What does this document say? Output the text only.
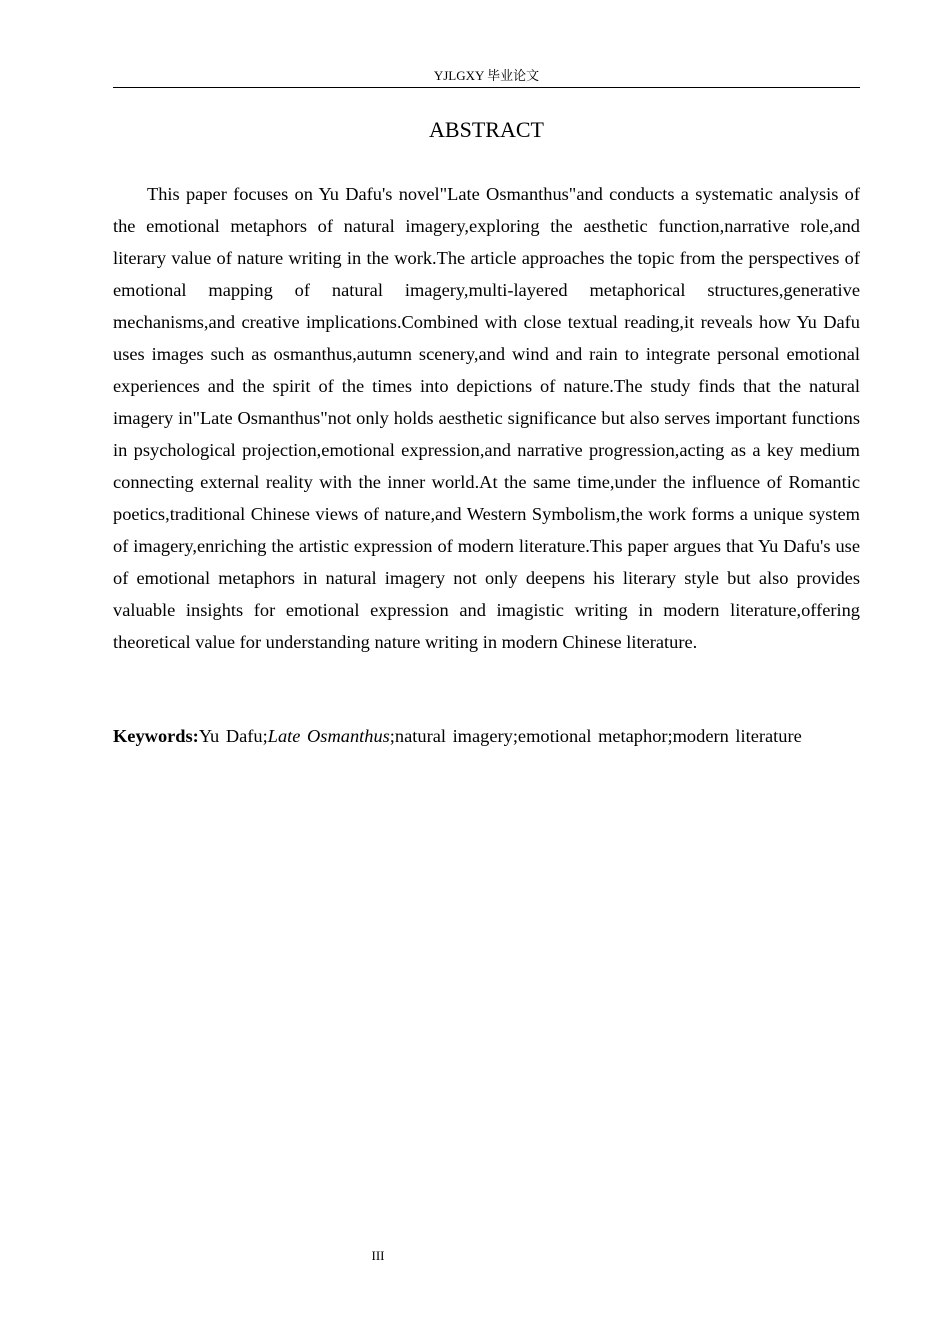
YJLGXY 毕业论文
ABSTRACT

This paper focuses on Yu Dafu's novel"Late Osmanthus"and conducts a systematic analysis of the emotional metaphors of natural imagery,exploring the aesthetic function,narrative role,and literary value of nature writing in the work.The article approaches the topic from the perspectives of emotional mapping of natural imagery,multi-layered metaphorical structures,generative mechanisms,and creative implications.Combined with close textual reading,it reveals how Yu Dafu uses images such as osmanthus,autumn scenery,and wind and rain to integrate personal emotional experiences and the spirit of the times into depictions of nature.The study finds that the natural imagery in"Late Osmanthus"not only holds aesthetic significance but also serves important functions in psychological projection,emotional expression,and narrative progression,acting as a key medium connecting external reality with the inner world.At the same time,under the influence of Romantic poetics,traditional Chinese views of nature,and Western Symbolism,the work forms a unique system of imagery,enriching the artistic expression of modern literature.This paper argues that Yu Dafu's use of emotional metaphors in natural imagery not only deepens his literary style but also provides valuable insights for emotional expression and imagistic writing in modern literature,offering theoretical value for understanding nature writing in modern Chinese literature.

Keywords:Yu Dafu;Late Osmanthus;natural imagery;emotional metaphor;modern literature

III
